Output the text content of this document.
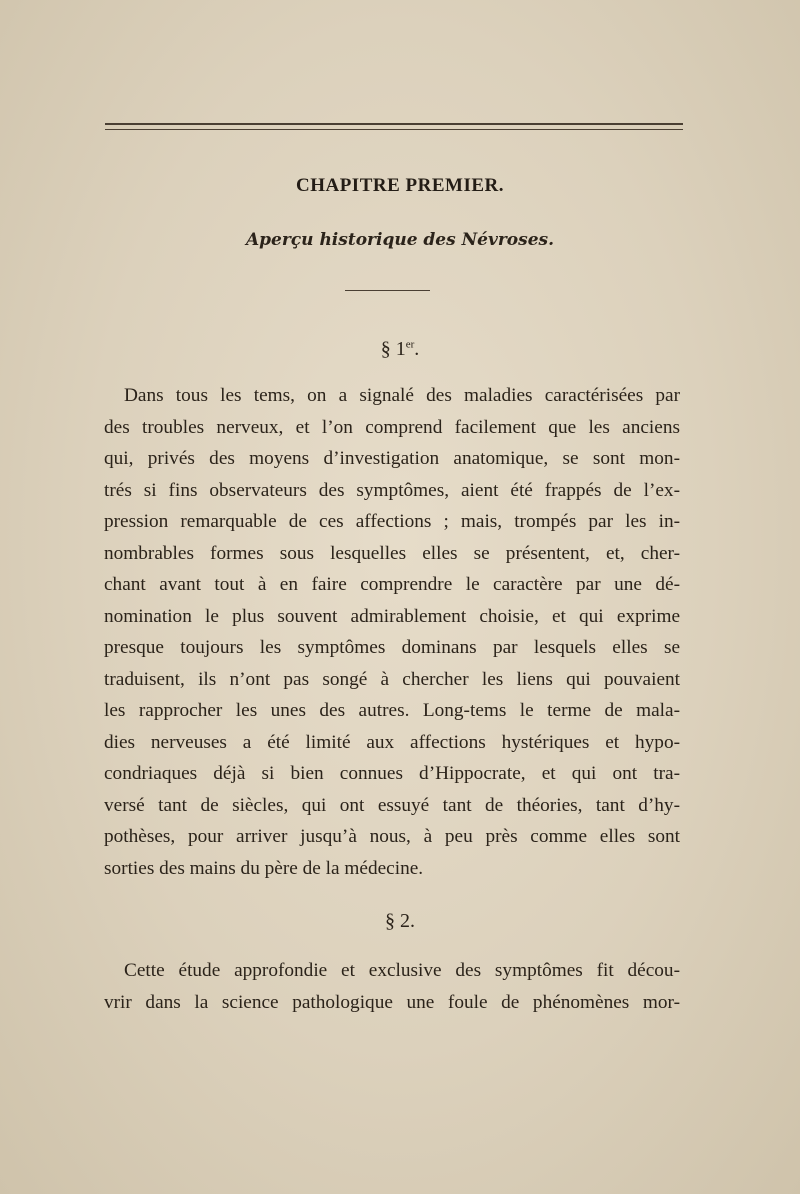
CHAPITRE PREMIER.
Aperçu historique des Névroses.
§ 1er.
Dans tous les tems, on a signalé des maladies caractérisées par
des troubles nerveux, et l’on comprend facilement que les anciens
qui, privés des moyens d’investigation anatomique, se sont mon-
trés si fins observateurs des symptômes, aient été frappés de l’ex-
pression remarquable de ces affections ; mais, trompés par les in-
nombrables formes sous lesquelles elles se présentent, et, cher-
chant avant tout à en faire comprendre le caractère par une dé-
nomination le plus souvent admirablement choisie, et qui exprime
presque toujours les symptômes dominans par lesquels elles se
traduisent, ils n’ont pas songé à chercher les liens qui pouvaient
les rapprocher les unes des autres. Long-tems le terme de mala-
dies nerveuses a été limité aux affections hystériques et hypo-
condriaques déjà si bien connues d’Hippocrate, et qui ont tra-
versé tant de siècles, qui ont essuyé tant de théories, tant d’hy-
pothèses, pour arriver jusqu’à nous, à peu près comme elles sont
sorties des mains du père de la médecine.
§ 2.
Cette étude approfondie et exclusive des symptômes fit décou-
vrir dans la science pathologique une foule de phénomènes mor-
